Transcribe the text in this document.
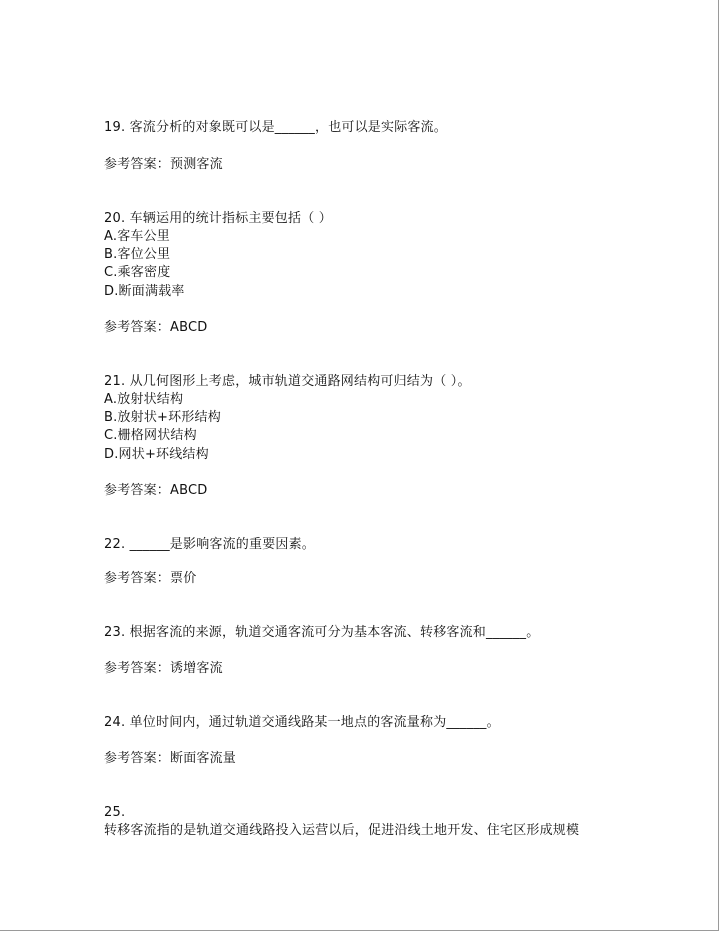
19. 客流分析的对象既可以是______，也可以是实际客流。
参考答案：预测客流
20. 车辆运用的统计指标主要包括（ ）
A.客车公里
B.客位公里
C.乘客密度
D.断面满载率
参考答案：ABCD
21. 从几何图形上考虑，城市轨道交通路网结构可归结为（ ）。
A.放射状结构
B.放射状+环形结构
C.栅格网状结构
D.网状+环线结构
参考答案：ABCD
22. ______是影响客流的重要因素。
参考答案：票价
23. 根据客流的来源，轨道交通客流可分为基本客流、转移客流和______。
参考答案：诱增客流
24. 单位时间内，通过轨道交通线路某一地点的客流量称为______。
参考答案：断面客流量
25.
转移客流指的是轨道交通线路投入运营以后，促进沿线土地开发、住宅区形成规模
